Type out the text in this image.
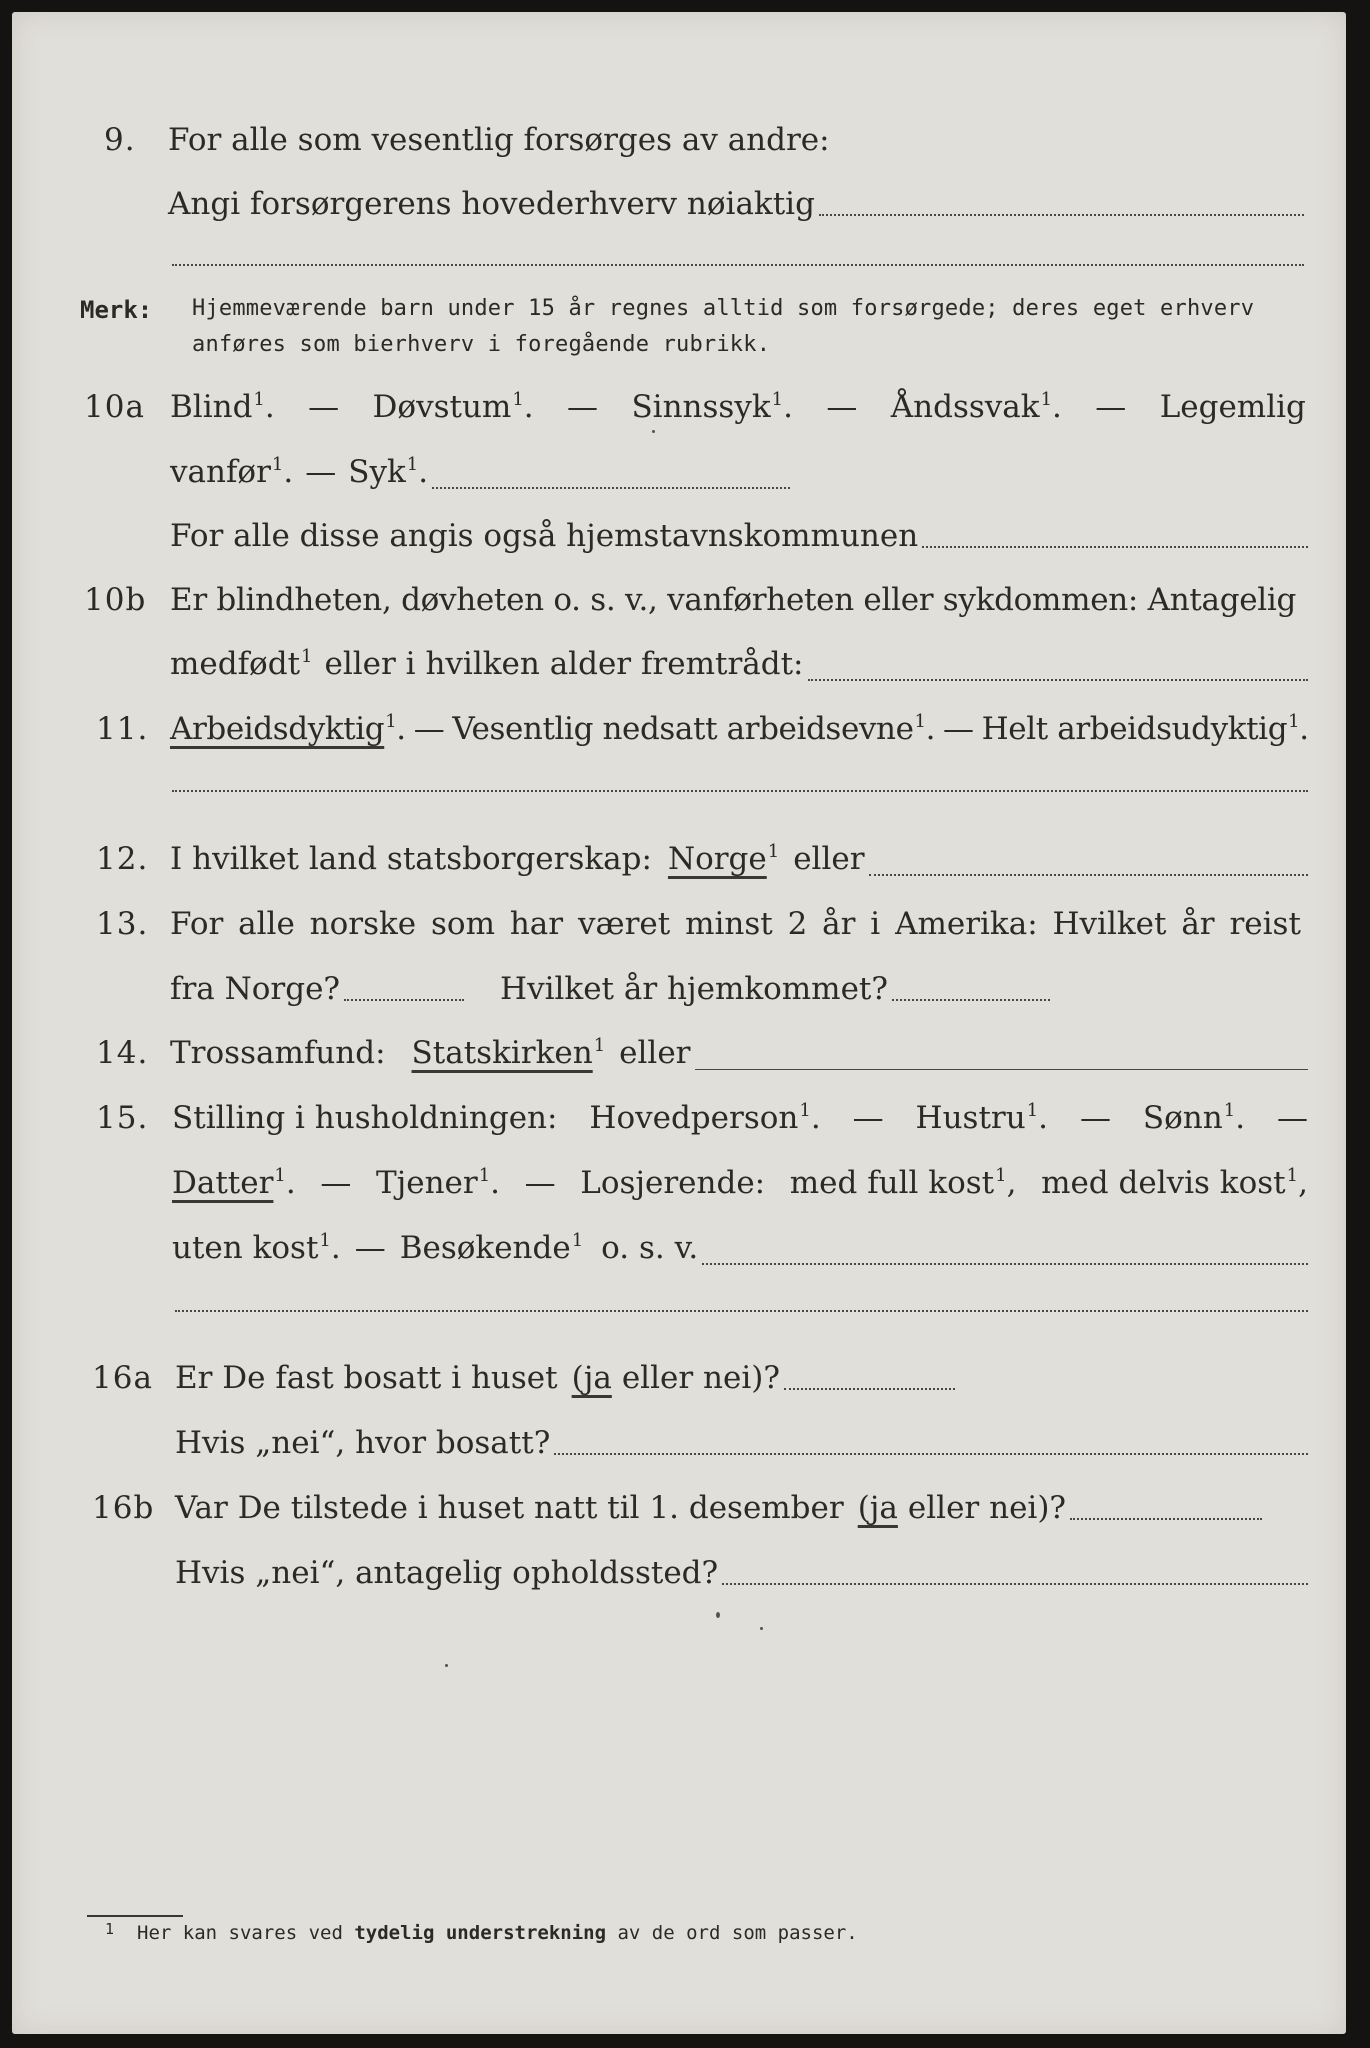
9. For alle som vesentlig forsørges av andre:
Angi forsørgerens hovederhverv nøiaktig
Merk: Hjemmeværende barn under 15 år regnes alltid som forsørgede; deres eget erhverv
anføres som bierhverv i foregående rubrikk.
10a Blind$^1$. — Døvstum$^1$. — Sinnssyk$^1$. — Åndssvak$^1$. — Legemlig
vanfør 1 . — Syk 1 .
For alle disse angis også hjemstavnskommunen
10b Er blindheten, døvheten o. s. v., vanførheten eller sykdommen: Antagelig
medfødt 1 eller i hvilken alder fremtrådt:
11. Arbeidsdyktig 1 . — Vesentlig nedsatt arbeidsevne 1 . — Helt arbeidsudyktig 1 .
12. I hvilket land statsborgerskap: Norge 1 eller
13. For alle norske som har været minst 2 år i Amerika: Hvilket år reist
fra Norge?	Hvilket år hjemkommet?
14. Trossamfund: Statskirken 1 eller
15. Stilling i husholdningen: Hovedperson$^1$. — Hustru$^1$. — Sønn$^1$. —
Datter$^1$. — Tjener$^1$. — Losjerende: med full kost$^1$, med delvis kost$^1$,
uten kost 1 . — Besøkende 1 o. s. v.
16a Er De fast bosatt i huset (ja eller nei)?
Hvis „nei“, hvor bosatt?
16b Var De tilstede i huset natt til 1. desember (ja eller nei)?
Hvis „nei“, antagelig opholdssted?
1 Her kan svares ved tydelig understrekning av de ord som passer.
